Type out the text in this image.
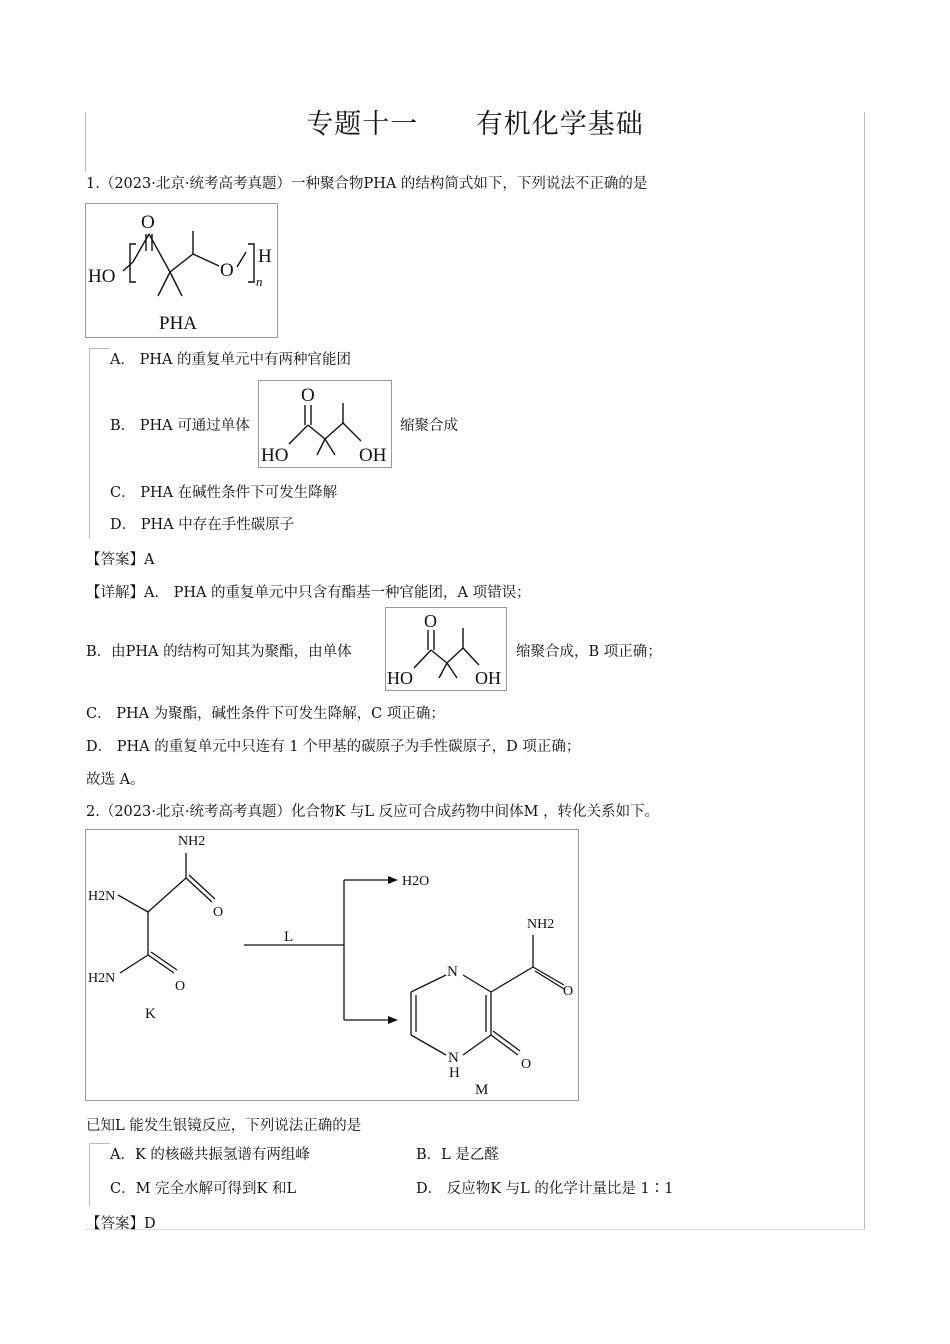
专题十一      有机化学基础
1.（2023·北京·统考高考真题）一种聚合物PHA 的结构简式如下，下列说法不正确的是
HO
O
O
n
H
PHA
A． PHA 的重复单元中有两种官能团
B． PHA 可通过单体
O
HO	OH
缩聚合成
C． PHA 在碱性条件下可发生降解
D． PHA 中存在手性碳原子
【答案】A
【详解】A． PHA 的重复单元中只含有酯基一种官能团，A 项错误；
B．由PHA 的结构可知其为聚酯，由单体
O
HO	OH
缩聚合成，B 项正确；
C． PHA 为聚酯，碱性条件下可发生降解，C 项正确；
D． PHA 的重复单元中只连有 1 个甲基的碳原子为手性碳原子，D 项正确；
故选 A。
2.（2023·北京·统考高考真题）化合物K 与L 反应可合成药物中间体M ，转化关系如下。
NH2
H2N
O
H2N
O
K
L
H2O
NH2
N
O
N
H
O
M
已知L 能发生银镜反应，下列说法正确的是
A．K 的核磁共振氢谱有两组峰	B．L 是乙醛
C．M 完全水解可得到K 和L	D． 反应物K 与L 的化学计量比是 1∶1
【答案】D
